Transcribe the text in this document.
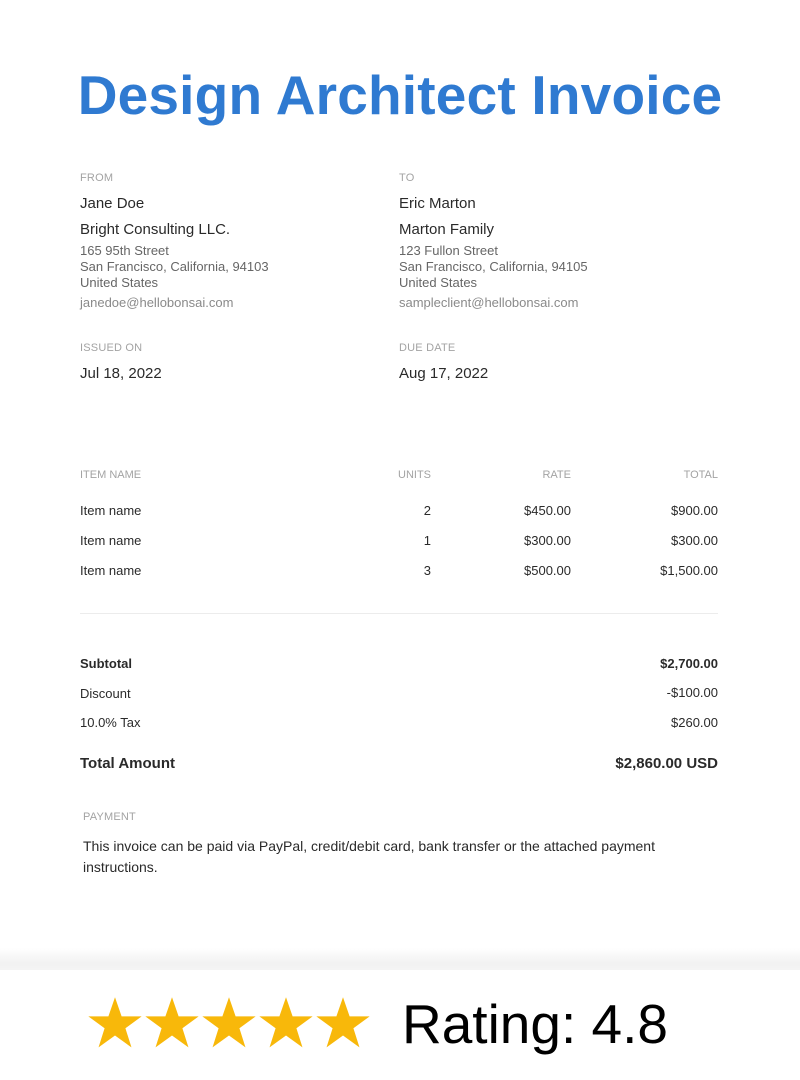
Design Architect Invoice
FROM
Jane Doe
Bright Consulting LLC.
165 95th Street
San Francisco, California, 94103
United States
janedoe@hellobonsai.com
TO
Eric Marton
Marton Family
123 Fullon Street
San Francisco, California, 94105
United States
sampleclient@hellobonsai.com
ISSUED ON
Jul 18, 2022
DUE DATE
Aug 17, 2022
ITEM NAME	UNITS	RATE	TOTAL
Item name	2	$450.00	$900.00
Item name	1	$300.00	$300.00
Item name	3	$500.00	$1,500.00
Subtotal	$2,700.00
Discount	-$100.00
10.0% Tax	$260.00
Total Amount	$2,860.00 USD
PAYMENT
This invoice can be paid via PayPal, credit/debit card, bank transfer or the attached payment instructions.
Rating: 4.8
